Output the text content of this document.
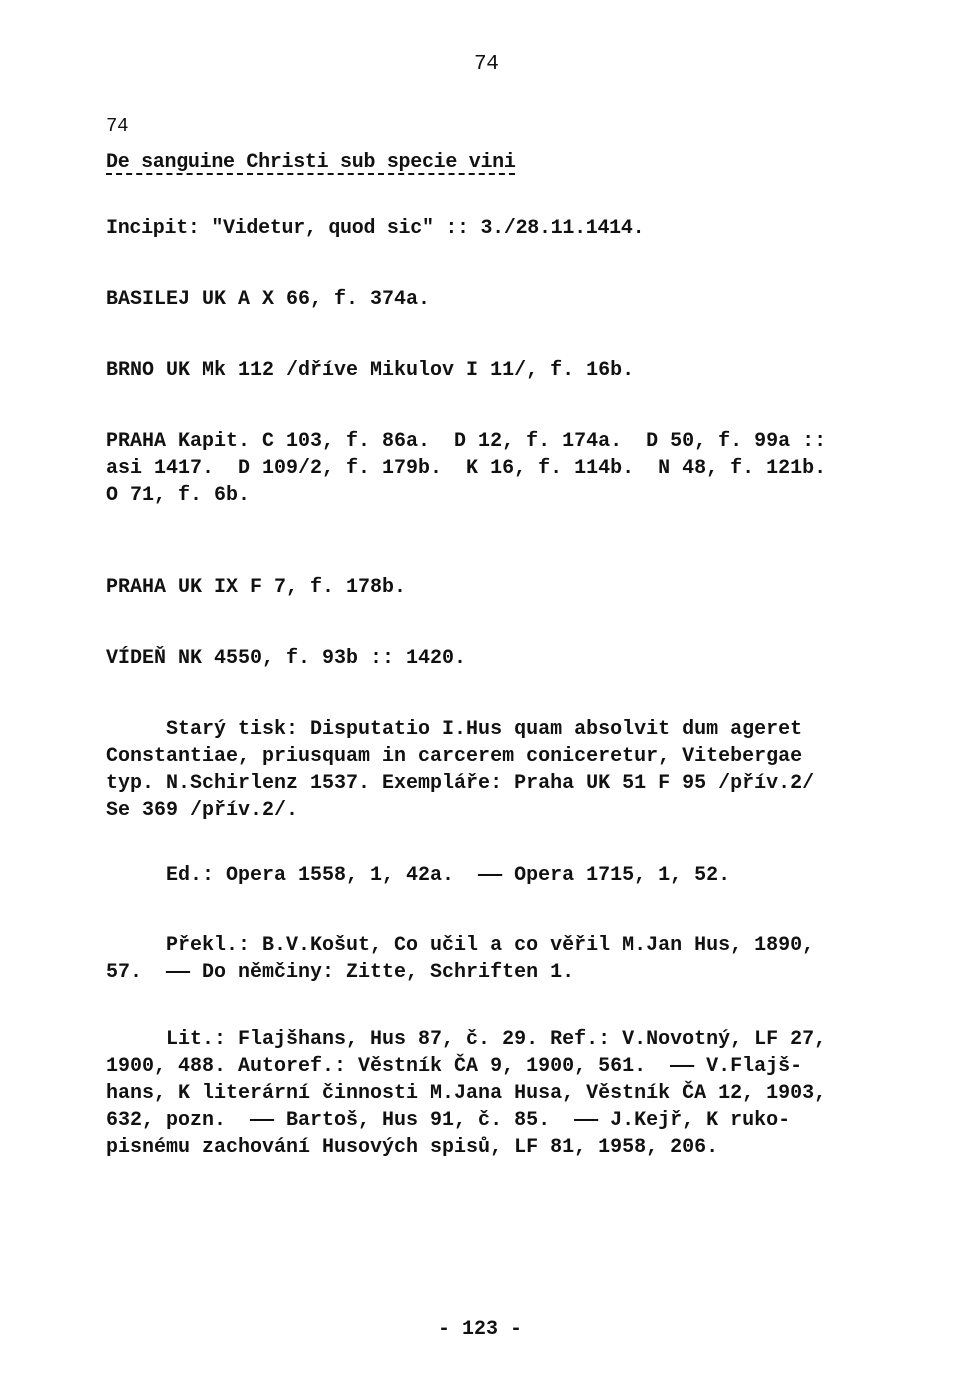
74
74
De sanguine Christi sub specie vini
Incipit: "Videtur, quod sic" :: 3./28.11.1414.

BASILEJ UK A X 66, f. 374a.

BRNO UK Mk 112 /dříve Mikulov I 11/, f. 16b.

PRAHA Kapit. C 103, f. 86a.  D 12, f. 174a.  D 50, f. 99a ::

asi 1417.  D 109/2, f. 179b.  K 16, f. 114b.  N 48, f. 121b.

O 71, f. 6b.

PRAHA UK IX F 7, f. 178b.

VÍDEŇ NK 4550, f. 93b :: 1420.

Starý tisk: Disputatio I.Hus quam absolvit dum ageret

Constantiae, priusquam in carcerem coniceretur, Vitebergae

typ. N.Schirlenz 1537. Exempláře: Praha UK 51 F 95 /přív.2/

Se 369 /přív.2/.

Ed.: Opera 1558, 1, 42a.  —— Opera 1715, 1, 52.

Překl.: B.V.Košut, Co učil a co věřil M.Jan Hus, 1890,

57.  —— Do němčiny: Zitte, Schriften 1.

Lit.: Flajšhans, Hus 87, č. 29. Ref.: V.Novotný, LF 27,

1900, 488. Autoref.: Věstník ČA 9, 1900, 561.  —— V.Flajš-

hans, K literární činnosti M.Jana Husa, Věstník ČA 12, 1903,

632, pozn.  —— Bartoš, Hus 91, č. 85.  —— J.Kejř, K ruko-

pisnému zachování Husových spisů, LF 81, 1958, 206.

- 123 -
